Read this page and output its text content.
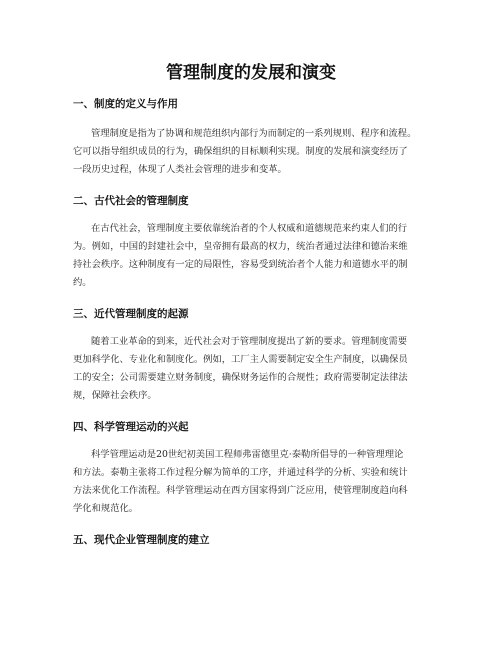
管理制度的发展和演变
一、制度的定义与作用
管理制度是指为了协调和规范组织内部行为而制定的一系列规则、程序和流程。
它可以指导组织成员的行为，确保组织的目标顺利实现。制度的发展和演变经历了
一段历史过程，体现了人类社会管理的进步和变革。
二、古代社会的管理制度
在古代社会，管理制度主要依靠统治者的个人权威和道德规范来约束人们的行
为。例如，中国的封建社会中，皇帝拥有最高的权力，统治者通过法律和德治来维
持社会秩序。这种制度有一定的局限性，容易受到统治者个人能力和道德水平的制
约。
三、近代管理制度的起源
随着工业革命的到来，近代社会对于管理制度提出了新的要求。管理制度需要
更加科学化、专业化和制度化。例如，工厂主人需要制定安全生产制度，以确保员
工的安全；公司需要建立财务制度，确保财务运作的合规性；政府需要制定法律法
规，保障社会秩序。
四、科学管理运动的兴起
科学管理运动是20世纪初美国工程师弗雷德里克·泰勒所倡导的一种管理理论
和方法。泰勒主张将工作过程分解为简单的工序，并通过科学的分析、实验和统计
方法来优化工作流程。科学管理运动在西方国家得到广泛应用，使管理制度趋向科
学化和规范化。
五、现代企业管理制度的建立
